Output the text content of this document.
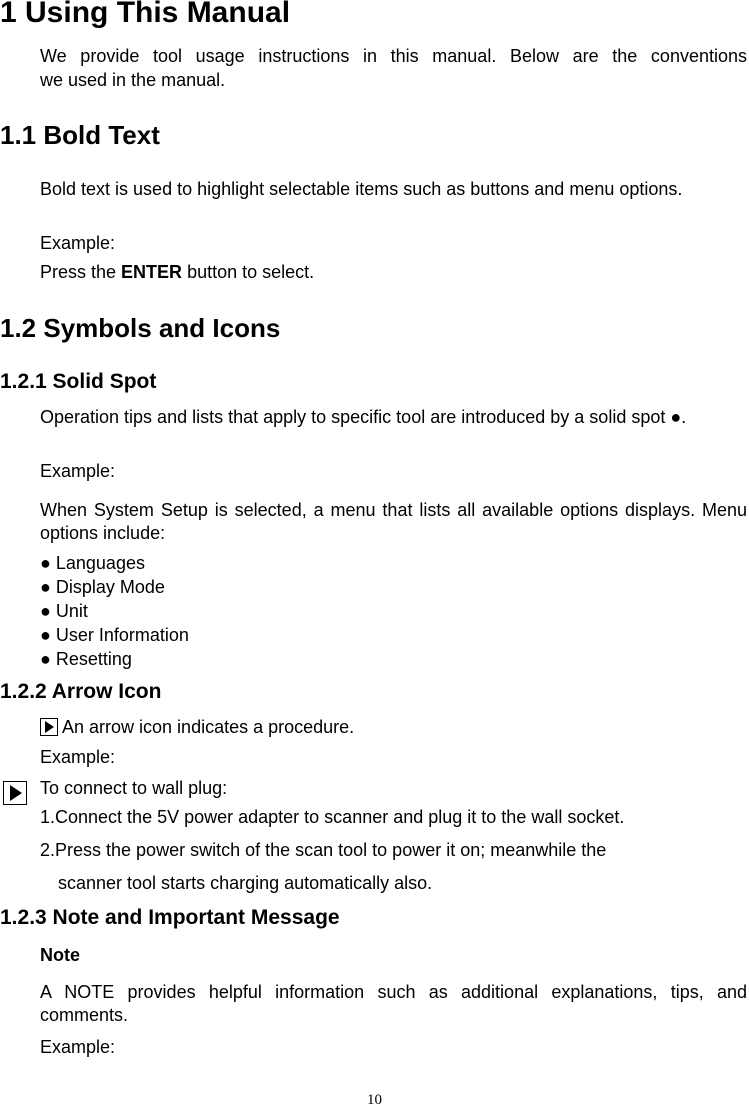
1 Using This Manual

We provide tool usage instructions in this manual. Below are the conventions

we used in the manual.

1.1 Bold Text

Bold text is used to highlight selectable items such as buttons and menu options.

Example:

Press the ENTER button to select.

1.2 Symbols and Icons
1.2.1 Solid Spot

Operation tips and lists that apply to specific tool are introduced by a solid spot ●.

Example:

When System Setup is selected, a menu that lists all available options displays. Menu options include:

● Languages
● Display Mode
● Unit
● User Information
● Resetting
1.2.2 Arrow Icon

An arrow icon indicates a procedure.

Example:

To connect to wall plug:

1.Connect the 5V power adapter to scanner and plug it to the wall socket.

2.Press the power switch of the scan tool to power it on; meanwhile the

scanner tool starts charging automatically also.

1.2.3 Note and Important Message

Note

A NOTE provides helpful information such as additional explanations, tips, and comments.

Example:

10
